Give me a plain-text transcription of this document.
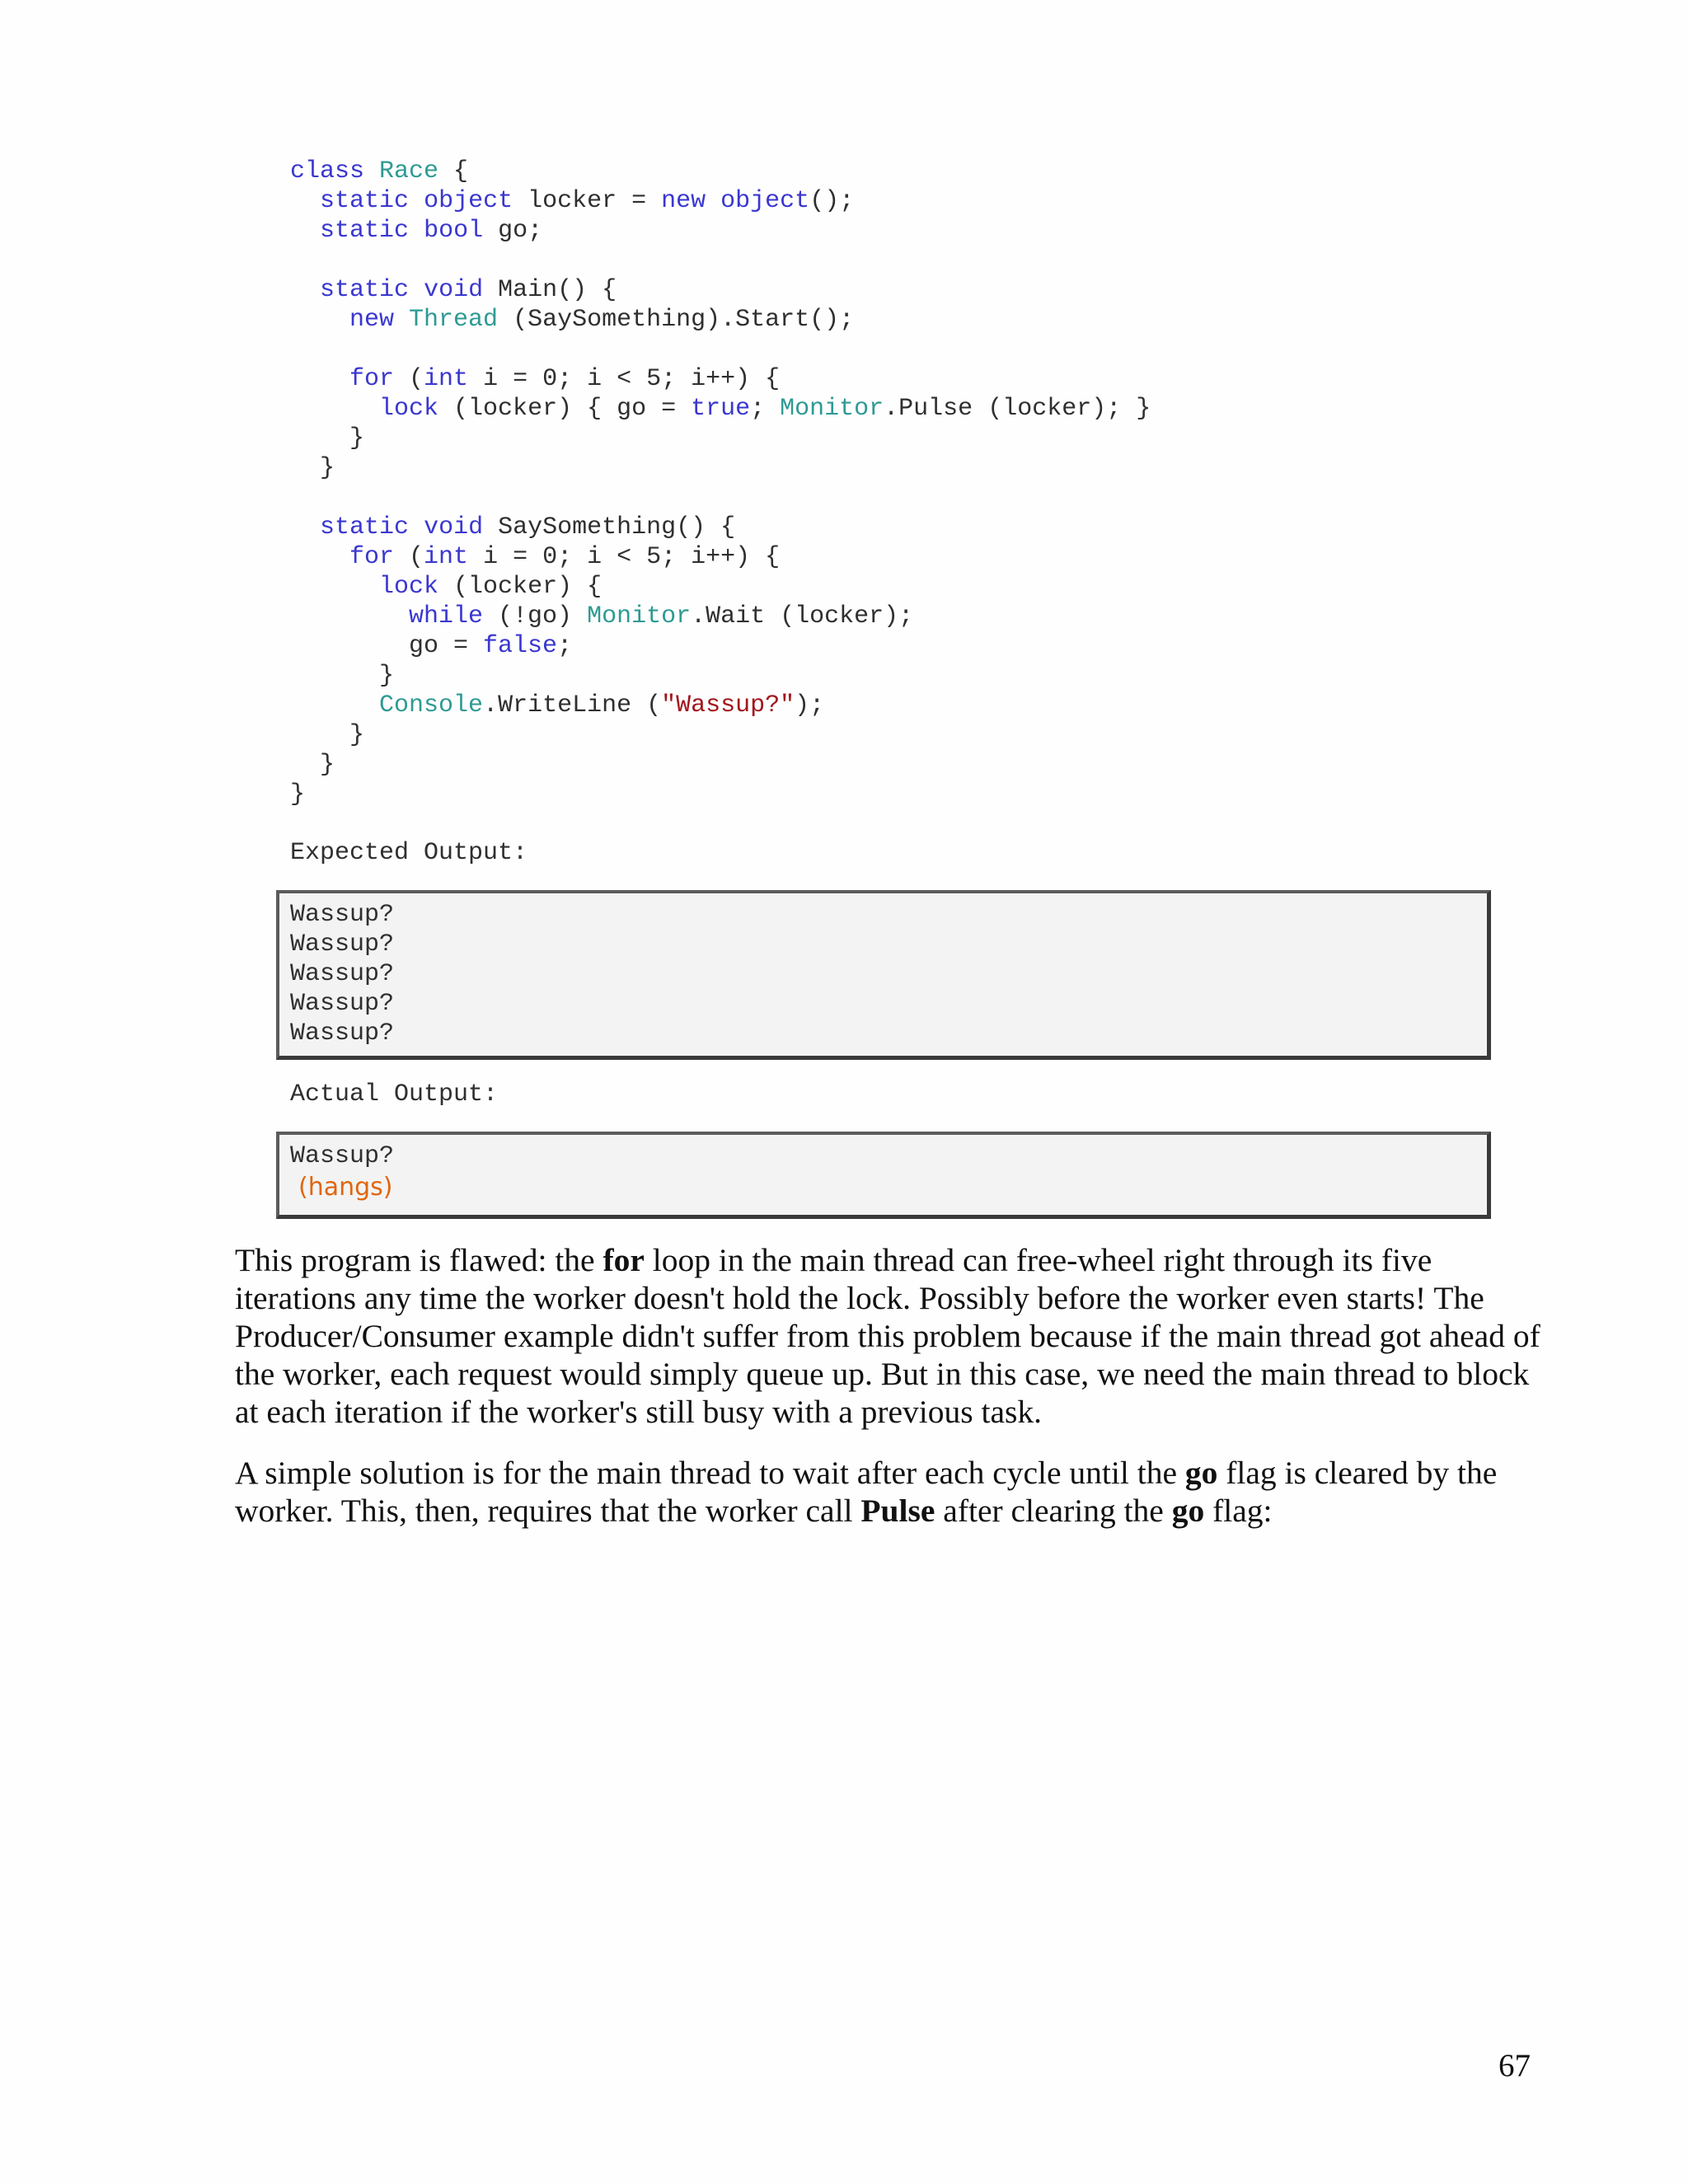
class Race {
static object locker = new object();
static bool go;
static void Main() {
new Thread (SaySomething).Start();
for (int i = 0; i < 5; i++) {
lock (locker) { go = true; Monitor.Pulse (locker); }
}
}
static void SaySomething() {
for (int i = 0; i < 5; i++) {
lock (locker) {
while (!go) Monitor.Wait (locker);
go = false;
}
Console.WriteLine ("Wassup?");
}
}
}
Expected Output:
Wassup?
Wassup?
Wassup?
Wassup?
Wassup?
Actual Output:
Wassup?
(hangs)

This program is flawed: the for loop in the main thread can free-wheel right through its five iterations any time the worker doesn't hold the lock. Possibly before the worker even starts! The Producer/Consumer example didn't suffer from this problem because if the main thread got ahead of the worker, each request would simply queue up. But in this case, we need the main thread to block at each iteration if the worker's still busy with a previous task.

A simple solution is for the main thread to wait after each cycle until the go flag is cleared by the worker. This, then, requires that the worker call Pulse after clearing the go flag:

67
